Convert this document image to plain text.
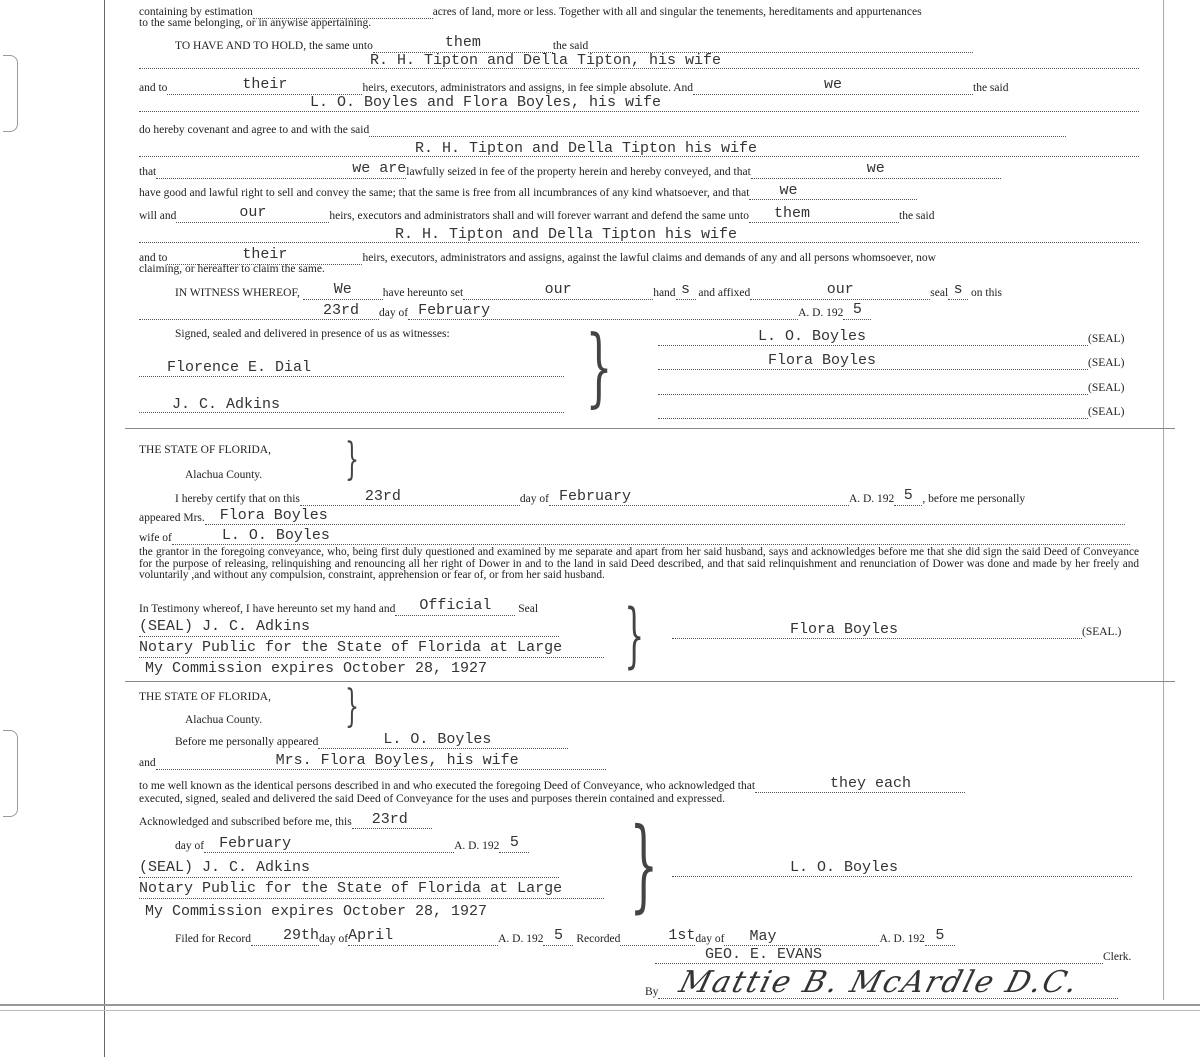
containing by estimation	acres of land, more or less. Together with all and singular the tenements, hereditaments and appurtenances
to the same belonging, or in anywise appertaining.
TO HAVE AND TO HOLD, the same unto	them	the said
R. H. Tipton and Della Tipton, his wife
and to	their	heirs, executors, administrators and assigns, in fee simple absolute. And	we	the said
L. O. Boyles and Flora Boyles, his wife
do hereby covenant and agree to and with the said
R. H. Tipton and Della Tipton his wife
that	we are lawfully seized in fee of the property herein and hereby conveyed, and that	we
have good and lawful right to sell and convey the same; that the same is free from all incumbrances of any kind whatsoever, and that	we
will and	our	heirs, executors and administrators shall and will forever warrant and defend the same unto	them	the said
R. H. Tipton and Della Tipton his wife
and to	their	heirs, executors, administrators and assigns, against the lawful claims and demands of any and all persons whomsoever, now
claiming, or hereafter to claim the same.
IN WITNESS WHEREOF,
	We	have hereunto set	our	hand s
and affixed	our	seal s
on this
23rd	day of February	A. D. 192 5
Signed, sealed and delivered in presence of us as witnesses: }
Florence E. Dial
J. C. Adkins
L. O. Boyles	(SEAL)
Flora Boyles	(SEAL)
(SEAL)
(SEAL)
THE STATE OF FLORIDA, }
Alachua County.
I hereby certify that on this	23rd	day of February	A. D. 192 5 , before me personally
appeared Mrs.	Flora Boyles
wife of	L. O. Boyles
the grantor in the foregoing conveyance, who, being first duly questioned and examined by me separate and apart from her said husband, says and acknowledges before me that she did sign the said Deed of Conveyance for the purpose of releasing, relinquishing and renouncing all her right of Dower in and to the land in said Deed described, and that said relinquishment and renunciation of Dower was done and made by her freely and voluntarily ,and without any compulsion, constraint, apprehension or fear of, or from her said husband.
In Testimony whereof, I have hereunto set my hand and	Official
	Seal }
(SEAL) J. C. Adkins
Notary Public for the State of Florida at Large
My Commission expires October 28, 1927
Flora Boyles	(SEAL.)
THE STATE OF FLORIDA, }
Alachua County.
Before me personally appeared	L. O. Boyles
and	Mrs. Flora Boyles, his wife
to me well known as the identical persons described in and who executed the foregoing Deed of Conveyance, who acknowledged that	they each
executed, signed, sealed and delivered the said Deed of Conveyance for the uses and purposes therein contained and expressed.
Acknowledged and subscribed before me, this	23rd
day of	February	A. D. 192 5 }
(SEAL) J. C. Adkins
Notary Public for the State of Florida at Large
My Commission expires October 28, 1927
L. O. Boyles
Filed for Record	29th day of April	A. D. 192 5
	Recorded	1st day of	May	A. D. 192 5
GEO. E. EVANS	Clerk.
By Mattie B. McArdle D.C.
